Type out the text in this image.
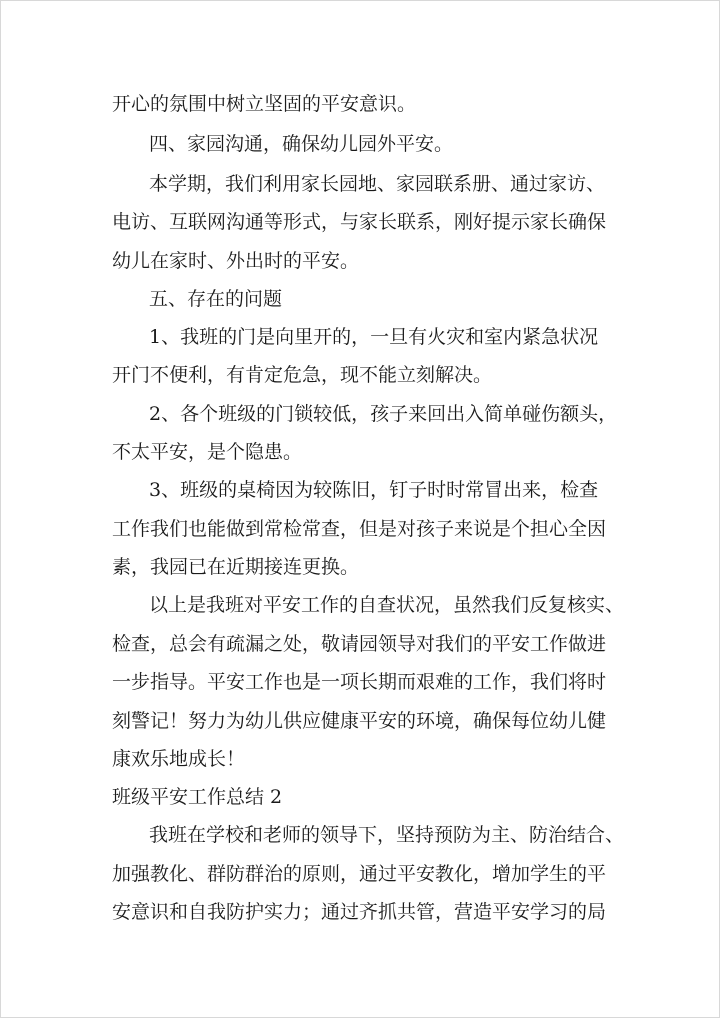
开心的氛围中树立坚固的平安意识。
四、家园沟通，确保幼儿园外平安。
本学期，我们利用家长园地、家园联系册、通过家访、
电访、互联网沟通等形式，与家长联系，刚好提示家长确保
幼儿在家时、外出时的平安。
五、存在的问题
1、我班的门是向里开的，一旦有火灾和室内紧急状况
开门不便利，有肯定危急，现不能立刻解决。
2、各个班级的门锁较低，孩子来回出入简单碰伤额头，
不太平安，是个隐患。
3、班级的桌椅因为较陈旧，钉子时时常冒出来，检查
工作我们也能做到常检常查，但是对孩子来说是个担心全因
素，我园已在近期接连更换。
以上是我班对平安工作的自查状况，虽然我们反复核实、
检查，总会有疏漏之处，敬请园领导对我们的平安工作做进
一步指导。平安工作也是一项长期而艰难的工作，我们将时
刻警记！努力为幼儿供应健康平安的环境，确保每位幼儿健
康欢乐地成长！
班级平安工作总结 2
我班在学校和老师的领导下，坚持预防为主、防治结合、
加强教化、群防群治的原则，通过平安教化，增加学生的平
安意识和自我防护实力；通过齐抓共管，营造平安学习的局
